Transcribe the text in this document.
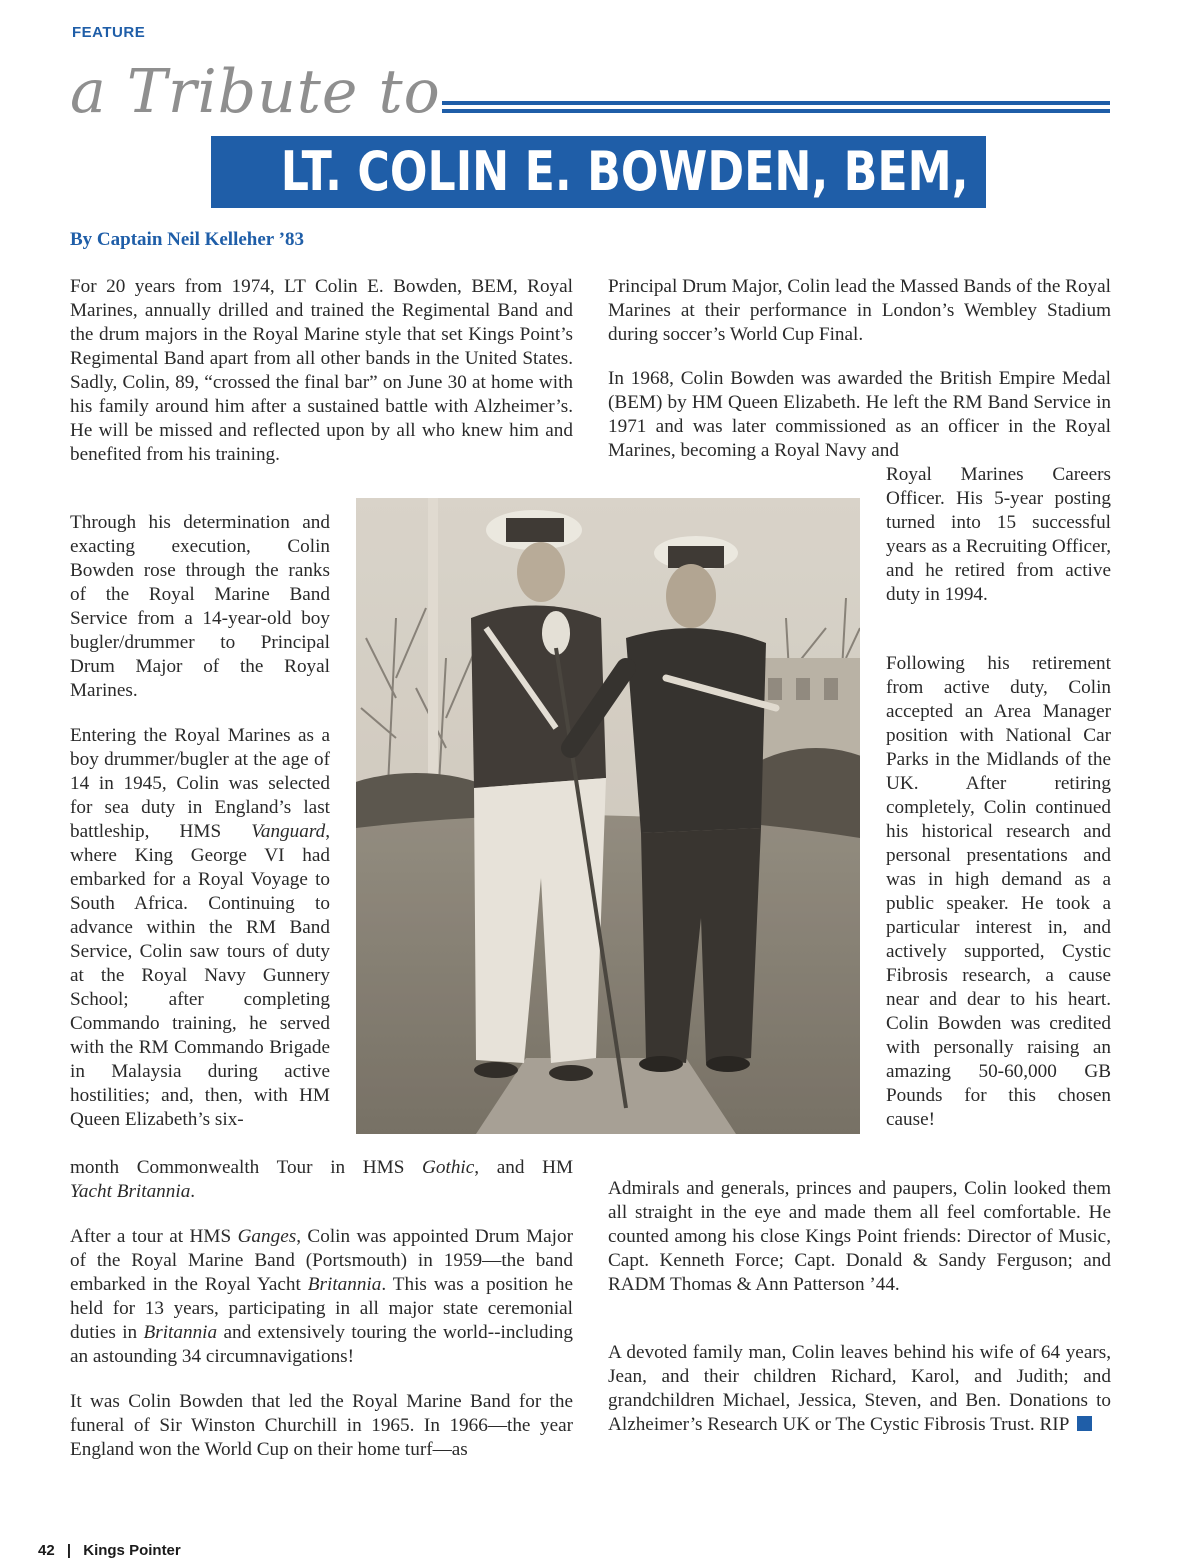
FEATURE
a Tribute to
LT. COLIN E. BOWDEN, BEM, RM
By Captain Neil Kelleher ’83

For 20 years from 1974, LT Colin E. Bowden, BEM, Royal Marines, annually drilled and trained the Regimental Band and the drum majors in the Royal Marine style that set Kings Point’s Regimental Band apart from all other bands in the United States. Sadly, Colin, 89, “crossed the final bar” on June 30 at home with his family around him after a sustained battle with Alzheimer’s. He will be missed and reflected upon by all who knew him and benefited from his training.

Through his determination and exacting execution, Colin Bowden rose through the ranks of the Royal Marine Band Service from a 14-year-old boy bugler/drummer to Principal Drum Major of the Royal Marines.

Entering the Royal Marines as a boy drummer/bugler at the age of 14 in 1945, Colin was selected for sea duty in England’s last battleship, HMS Vanguard, where King George VI had embarked for a Royal Voyage to South Africa. Continuing to advance within the RM Band Service, Colin saw tours of duty at the Royal Navy Gunnery School; after completing Commando training, he served with the RM Commando Brigade in Malaysia during active hostilities; and, then, with HM Queen Elizabeth’s six-

month Commonwealth Tour in HMS Gothic, and HM

Yacht Britannia.

After a tour at HMS Ganges, Colin was appointed Drum Major of the Royal Marine Band (Portsmouth) in 1959—the band embarked in the Royal Yacht Britannia. This was a position he held for 13 years, participating in all major state ceremonial duties in Britannia and extensively touring the world--including an astounding 34 circumnavigations!

It was Colin Bowden that led the Royal Marine Band for the funeral of Sir Winston Churchill in 1965. In 1966—the year England won the World Cup on their home turf—as

Principal Drum Major, Colin lead the Massed Bands of the Royal Marines at their performance in London’s Wembley Stadium during soccer’s World Cup Final.

In 1968, Colin Bowden was awarded the British Empire Medal (BEM) by HM Queen Elizabeth. He left the RM Band Service in 1971 and was later commissioned as an officer in the Royal Marines, becoming a Royal Navy and

Royal Marines Careers Officer. His 5-year posting turned into 15 successful years as a Recruiting Officer, and he retired from active duty in 1994.

Following his retirement from active duty, Colin accepted an Area Manager position with National Car Parks in the Midlands of the UK. After retiring completely, Colin continued his historical research and personal presentations and was in high demand as a public speaker. He took a particular interest in, and actively supported, Cystic Fibrosis research, a cause near and dear to his heart. Colin Bowden was credited with personally raising an amazing 50-60,000 GB Pounds for this chosen cause!

Admirals and generals, princes and paupers, Colin looked them all straight in the eye and made them all feel comfortable. He counted among his close Kings Point friends: Director of Music, Capt. Kenneth Force; Capt. Donald & Sandy Ferguson; and RADM Thomas & Ann Patterson ’44.

A devoted family man, Colin leaves behind his wife of 64 years, Jean, and their children Richard, Karol, and Judith; and grandchildren Michael, Jessica, Steven, and Ben. Donations to Alzheimer’s Research UK or The Cystic Fibrosis Trust. RIP

42 | Kings Pointer
